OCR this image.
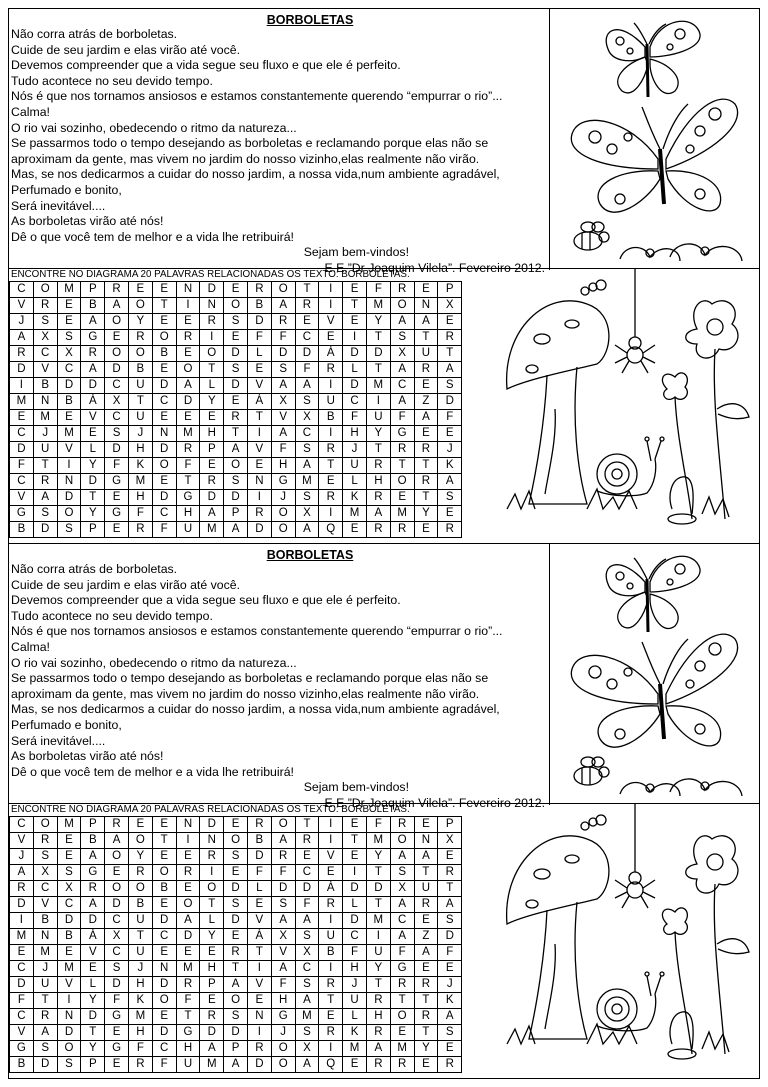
BORBOLETAS
Não corra atrás de borboletas.
Cuide de seu jardim e elas virão até você.
Devemos compreender que a vida segue seu fluxo e que ele é perfeito.
Tudo acontece no seu devido tempo.
Nós é que nos tornamos ansiosos e estamos constantemente querendo “empurrar o rio”...
Calma!
O rio vai sozinho, obedecendo o ritmo da natureza...
Se passarmos todo o tempo desejando as borboletas e reclamando porque elas não se
aproximam da gente, mas vivem no jardim do nosso vizinho,elas realmente não virão.
Mas, se nos dedicarmos a cuidar do nosso jardim, a nossa vida,num ambiente agradável,
Perfumado e bonito,
Será inevitável....
As borboletas virão até nós!
Dê o que você tem de melhor e a vida lhe retribuirá!
Sejam bem-vindos!
E.E.”Dr Joaquim Vilela”. Fevereiro 2012.
ENCONTRE NO DIAGRAMA 20 PALAVRAS RELACIONADAS OS TEXTO: BORBOLETAS.
C	O	M	P	R	E	E	N	D	E	R	O	T	I	E	F	R	E	P
V	R	E	B	A	O	T	I	N	O	B	A	R	I	T	M	O	N	X
J	S	E	A	O	Y	E	E	R	S	D	R	E	V	E	Y	A	A	E
A	X	S	G	E	R	O	R	I	E	F	F	C	E	I	T	S	T	R
R	C	X	R	O	O	B	E	O	D	L	D	D	Á	D	D	X	U	T
D	V	C	A	D	B	E	O	T	S	E	S	F	R	L	T	A	R	A
I	B	D	D	C	U	D	A	L	D	V	A	A	I	D	M	C	E	S
M	N	B	Á	X	T	C	D	Y	E	Á	X	S	U	C	I	A	Z	D
E	M	E	V	C	U	E	E	E	R	T	V	X	B	F	U	F	A	F
C	J	M	E	S	J	N	M	H	T	I	A	C	I	H	Y	G	E	E
D	U	V	L	D	H	D	R	P	A	V	F	S	R	J	T	R	R	J
F	T	I	Y	F	K	O	F	E	O	E	H	A	T	U	R	T	T	K
C	R	N	D	G	M	E	T	R	S	N	G	M	E	L	H	O	R	A
V	A	D	T	E	H	D	G	D	D	I	J	S	R	K	R	E	T	S
G	S	O	Y	G	F	C	H	A	P	R	O	X	I	M	A	M	Y	E
B	D	S	P	E	R	F	U	M	A	D	O	A	Q	E	R	R	E	R
BORBOLETAS
Não corra atrás de borboletas.
Cuide de seu jardim e elas virão até você.
Devemos compreender que a vida segue seu fluxo e que ele é perfeito.
Tudo acontece no seu devido tempo.
Nós é que nos tornamos ansiosos e estamos constantemente querendo “empurrar o rio”...
Calma!
O rio vai sozinho, obedecendo o ritmo da natureza...
Se passarmos todo o tempo desejando as borboletas e reclamando porque elas não se
aproximam da gente, mas vivem no jardim do nosso vizinho,elas realmente não virão.
Mas, se nos dedicarmos a cuidar do nosso jardim, a nossa vida,num ambiente agradável,
Perfumado e bonito,
Será inevitável....
As borboletas virão até nós!
Dê o que você tem de melhor e a vida lhe retribuirá!
Sejam bem-vindos!
E.E.”Dr Joaquim Vilela”. Fevereiro 2012.
ENCONTRE NO DIAGRAMA 20 PALAVRAS RELACIONADAS OS TEXTO: BORBOLETAS.
C	O	M	P	R	E	E	N	D	E	R	O	T	I	E	F	R	E	P
V	R	E	B	A	O	T	I	N	O	B	A	R	I	T	M	O	N	X
J	S	E	A	O	Y	E	E	R	S	D	R	E	V	E	Y	A	A	E
A	X	S	G	E	R	O	R	I	E	F	F	C	E	I	T	S	T	R
R	C	X	R	O	O	B	E	O	D	L	D	D	Á	D	D	X	U	T
D	V	C	A	D	B	E	O	T	S	E	S	F	R	L	T	A	R	A
I	B	D	D	C	U	D	A	L	D	V	A	A	I	D	M	C	E	S
M	N	B	Á	X	T	C	D	Y	E	Á	X	S	U	C	I	A	Z	D
E	M	E	V	C	U	E	E	E	R	T	V	X	B	F	U	F	A	F
C	J	M	E	S	J	N	M	H	T	I	A	C	I	H	Y	G	E	E
D	U	V	L	D	H	D	R	P	A	V	F	S	R	J	T	R	R	J
F	T	I	Y	F	K	O	F	E	O	E	H	A	T	U	R	T	T	K
C	R	N	D	G	M	E	T	R	S	N	G	M	E	L	H	O	R	A
V	A	D	T	E	H	D	G	D	D	I	J	S	R	K	R	E	T	S
G	S	O	Y	G	F	C	H	A	P	R	O	X	I	M	A	M	Y	E
B	D	S	P	E	R	F	U	M	A	D	O	A	Q	E	R	R	E	R
